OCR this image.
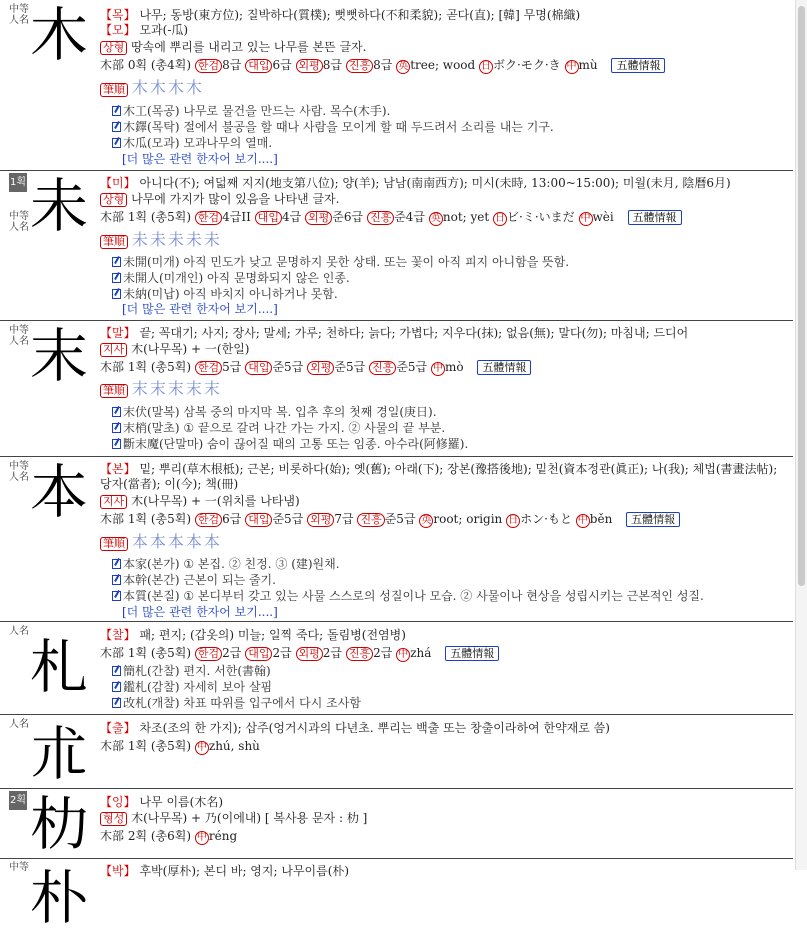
中等人名 木 【목】 나무; 동방(東方位); 질박하다(質樸); 뻣뻣하다(不和柔貌); 곧다(直); [韓] 무명(棉織)
【모】 모과(-瓜)
상형 땅속에 뿌리를 내리고 있는 나무를 본뜬 글자.
木部 0획 (총4획) 한검 8급 대입 6급 외평 8급 진흥 8급 英 tree; wood 日 ボク·モク·き 中 mù 五體情報
筆順 木木木木
木工(목공) 나무로 물건을 만드는 사람. 목수(木手).
木鐸(목탁) 절에서 불공을 할 때나 사람을 모이게 할 때 두드려서 소리를 내는 기구.
木瓜(모과) 모과나무의 열매.
[더 많은 관련 한자어 보기....]
1획
中等人名 未 【미】 아니다(不); 여덟째 지지(地支第八位); 양(羊); 남남(南南西方); 미시(未時, 13:00~15:00); 미월(未月, 陰曆6月)
상형 나무에 가지가 많이 있음을 나타낸 글자.
木部 1획 (총5획) 한검 4급II 대입 4급 외평 준6급 진흥 준4급 英 not; yet 日 ビ·ミ·いまだ 中 wèi 五體情報
筆順 未未未未未
未開(미개) 아직 민도가 낮고 문명하지 못한 상태. 또는 꽃이 아직 피지 아니함을 뜻함.
未開人(미개인) 아직 문명화되지 않은 인종.
未納(미납) 아직 바치지 아니하거나 못함.
[더 많은 관련 한자어 보기....]
中等人名 末 【말】 끝; 꼭대기; 사지; 장사; 말세; 가루; 천하다; 늙다; 가볍다; 지우다(抹); 없음(無); 말다(勿); 마침내; 드디어
지사 木(나무목) + 一(한일)
木部 1획 (총5획) 한검 5급 대입 준5급 외평 준5급 진흥 준5급 中 mò 五體情報
筆順 末末末末末
末伏(말복) 삼복 중의 마지막 복. 입추 후의 첫째 경일(庚日).
末梢(말초) ① 끝으로 갈려 나간 가는 가지. ② 사물의 끝 부분.
斷末魔(단말마) 숨이 끊어질 때의 고통 또는 임종. 아수라(阿修羅).
中等人名 本 【본】 밑; 뿌리(草木根柢); 근본; 비롯하다(始); 옛(舊); 아래(下); 장본(豫搭後地); 밑천(資本정관(眞正); 나(我); 체법(書畫法帖); 당자(當者); 이(今); 책(冊)
지사 木(나무목) + 一(위치를 나타냄)
木部 1획 (총5획) 한검 6급 대입 준5급 외평 7급 진흥 준5급 英 root; origin 日 ホン·もと 中 běn 五體情報
筆順 本本本本本
本家(본가) ① 본집. ② 친정. ③ (建)원채.
本幹(본간) 근본이 되는 줄기.
本質(본질) ① 본디부터 갖고 있는 사물 스스로의 성질이나 모습. ② 사물이나 현상을 성립시키는 근본적인 성질.
[더 많은 관련 한자어 보기....]
人名
札 【찰】 패; 편지; (갑옷의) 미늘; 일찍 죽다; 돌림병(전염병)
木部 1획 (총5획) 한검 2급 대입 2급 외평 2급 진흥 2급 中 zhá 五體情報
簡札(간찰) 편지. 서한(書翰)
鑑札(감찰) 자세히 보아 살핌
改札(개찰) 차표 따위를 입구에서 다시 조사함
人名 朮 【출】 차조(조의 한 가지); 삽주(엉거시과의 다년초. 뿌리는 백출 또는 창출이라하여 한약재로 씀)
木部 1획 (총5획) 中 zhú, shù
2획 朸 【잉】 나무 이름(木名)
형성 木(나무목) + 乃(이에내) [ 복사용 문자 : 朸 ]
木部 2획 (총6획) 中 réng
中等 朴 【박】 후박(厚朴); 본디 바; 영지; 나무이름(朴)
